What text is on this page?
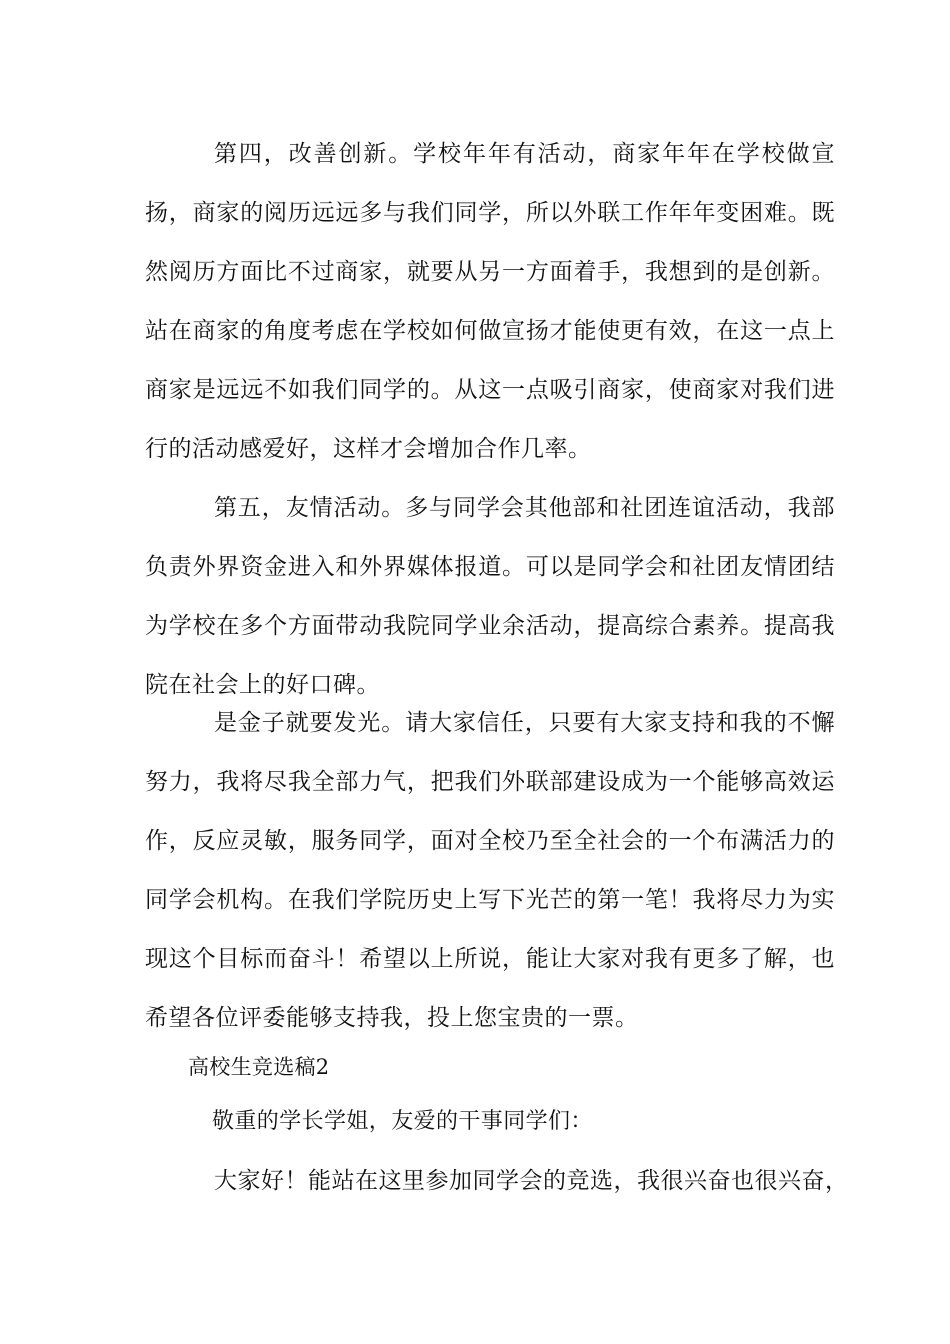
第四，改善创新。学校年年有活动，商家年年在学校做宣扬，商家的阅历远远多与我们同学，所以外联工作年年变困难。既然阅历方面比不过商家，就要从另一方面着手，我想到的是创新。站在商家的角度考虑在学校如何做宣扬才能使更有效，在这一点上商家是远远不如我们同学的。从这一点吸引商家，使商家对我们进行的活动感爱好，这样才会增加合作几率。

第五，友情活动。多与同学会其他部和社团连谊活动，我部负责外界资金进入和外界媒体报道。可以是同学会和社团友情团结为学校在多个方面带动我院同学业余活动，提高综合素养。提高我院在社会上的好口碑。

是金子就要发光。请大家信任，只要有大家支持和我的不懈努力，我将尽我全部力气，把我们外联部建设成为一个能够高效运作，反应灵敏，服务同学，面对全校乃至全社会的一个布满活力的同学会机构。在我们学院历史上写下光芒的第一笔！我将尽力为实现这个目标而奋斗！希望以上所说，能让大家对我有更多了解，也希望各位评委能够支持我，投上您宝贵的一票。

高校生竞选稿2

敬重的学长学姐，友爱的干事同学们：

大家好！能站在这里参加同学会的竞选，我很兴奋也很兴奋，
